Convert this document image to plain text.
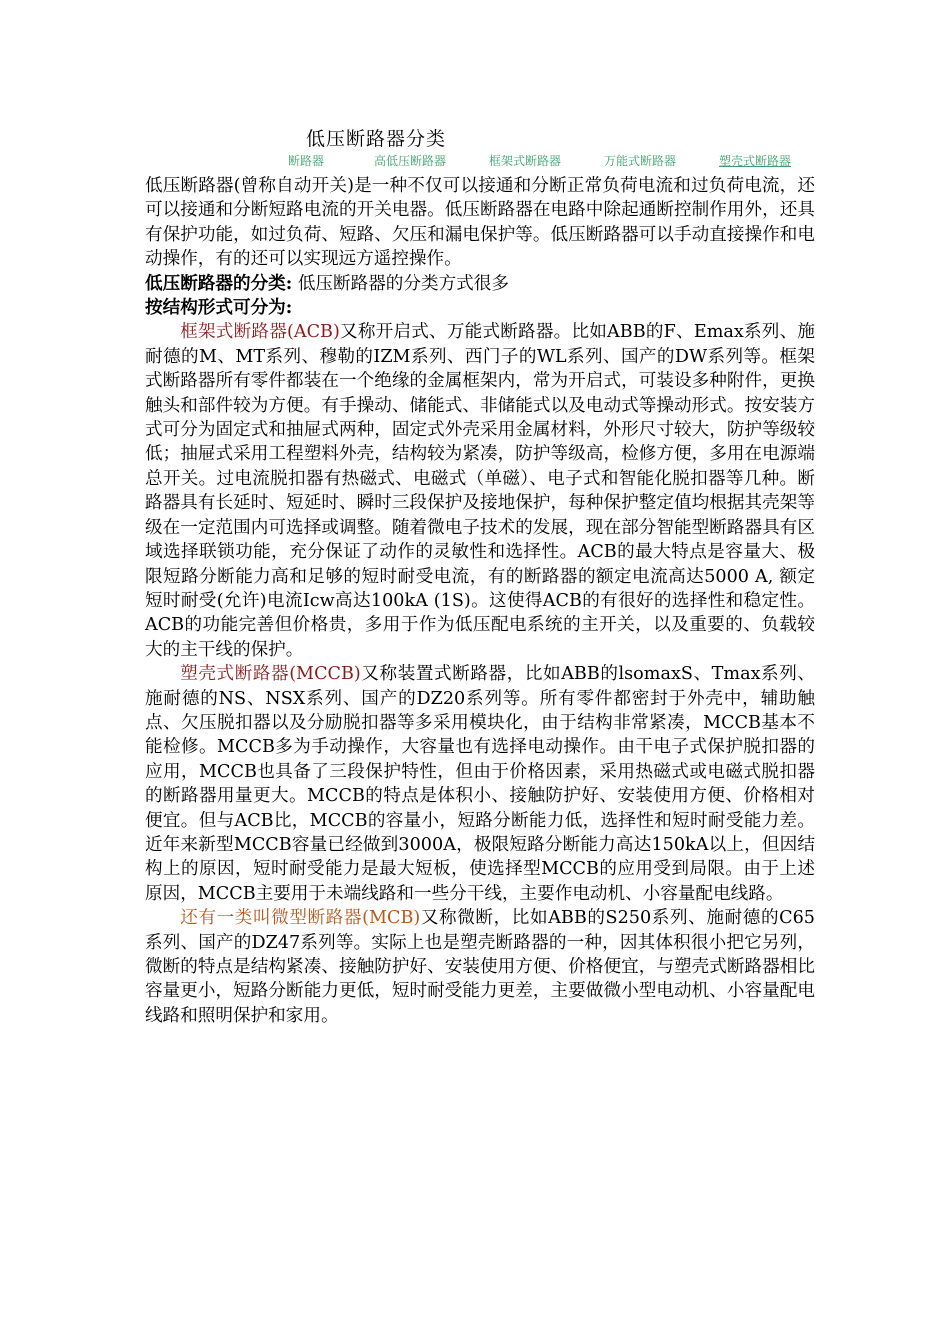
低压断路器分类
断路器	高低压断路器	框架式断路器	万能式断路器	塑壳式断路器

低压断路器(曾称自动开关)是一种不仅可以接通和分断正常负荷电流和过负荷电流，还可以接通和分断短路电流的开关电器。低压断路器在电路中除起通断控制作用外，还具有保护功能，如过负荷、短路、欠压和漏电保护等。低压断路器可以手动直接操作和电动操作，有的还可以实现远方遥控操作。

低压断路器的分类: 低压断路器的分类方式很多

按结构形式可分为:

框架式断路器(ACB)又称开启式、万能式断路器。比如ABB的F、Emax系列、施耐德的M、MT系列、穆勒的IZM系列、西门子的WL系列、国产的DW系列等。框架式断路器所有零件都装在一个绝缘的金属框架内，常为开启式，可装设多种附件，更换触头和部件较为方便。有手操动、储能式、非储能式以及电动式等操动形式。按安装方式可分为固定式和抽屉式两种，固定式外壳采用金属材料，外形尺寸较大，防护等级较低；抽屉式采用工程塑料外壳，结构较为紧凑，防护等级高，检修方便，多用在电源端总开关。过电流脱扣器有热磁式、电磁式（单磁）、电子式和智能化脱扣器等几种。断路器具有长延时、短延时、瞬时三段保护及接地保护，每种保护整定值均根据其壳架等级在一定范围内可选择或调整。随着微电子技术的发展，现在部分智能型断路器具有区域选择联锁功能，充分保证了动作的灵敏性和选择性。ACB的最大特点是容量大、极限短路分断能力高和足够的短时耐受电流，有的断路器的额定电流高达5000 A, 额定短时耐受(允许)电流Icw高达100kA (1S)。这使得ACB的有很好的选择性和稳定性。ACB的功能完善但价格贵，多用于作为低压配电系统的主开关，以及重要的、负载较大的主干线的保护。

塑壳式断路器(MCCB)又称装置式断路器，比如ABB的lsomaxS、Tmax系列、施耐德的NS、NSX系列、国产的DZ20系列等。所有零件都密封于外壳中，辅助触点、欠压脱扣器以及分励脱扣器等多采用模块化，由于结构非常紧凑，MCCB基本不能检修。MCCB多为手动操作，大容量也有选择电动操作。由干电子式保护脱扣器的应用，MCCB也具备了三段保护特性，但由于价格因素，采用热磁式或电磁式脱扣器的断路器用量更大。MCCB的特点是体积小、接触防护好、安装使用方便、价格相对便宜。但与ACB比，MCCB的容量小，短路分断能力低，选择性和短时耐受能力差。近年来新型MCCB容量已经做到3000A，极限短路分断能力高达150kA以上，但因结构上的原因，短时耐受能力是最大短板，使选择型MCCB的应用受到局限。由于上述原因，MCCB主要用于未端线路和一些分干线，主要作电动机、小容量配电线路。

还有一类叫微型断路器(MCB)又称微断，比如ABB的S250系列、施耐德的C65系列、国产的DZ47系列等。实际上也是塑壳断路器的一种，因其体积很小把它另列，微断的特点是结构紧凑、接触防护好、安装使用方便、价格便宜，与塑壳式断路器相比容量更小，短路分断能力更低，短时耐受能力更差，主要做微小型电动机、小容量配电线路和照明保护和家用。
